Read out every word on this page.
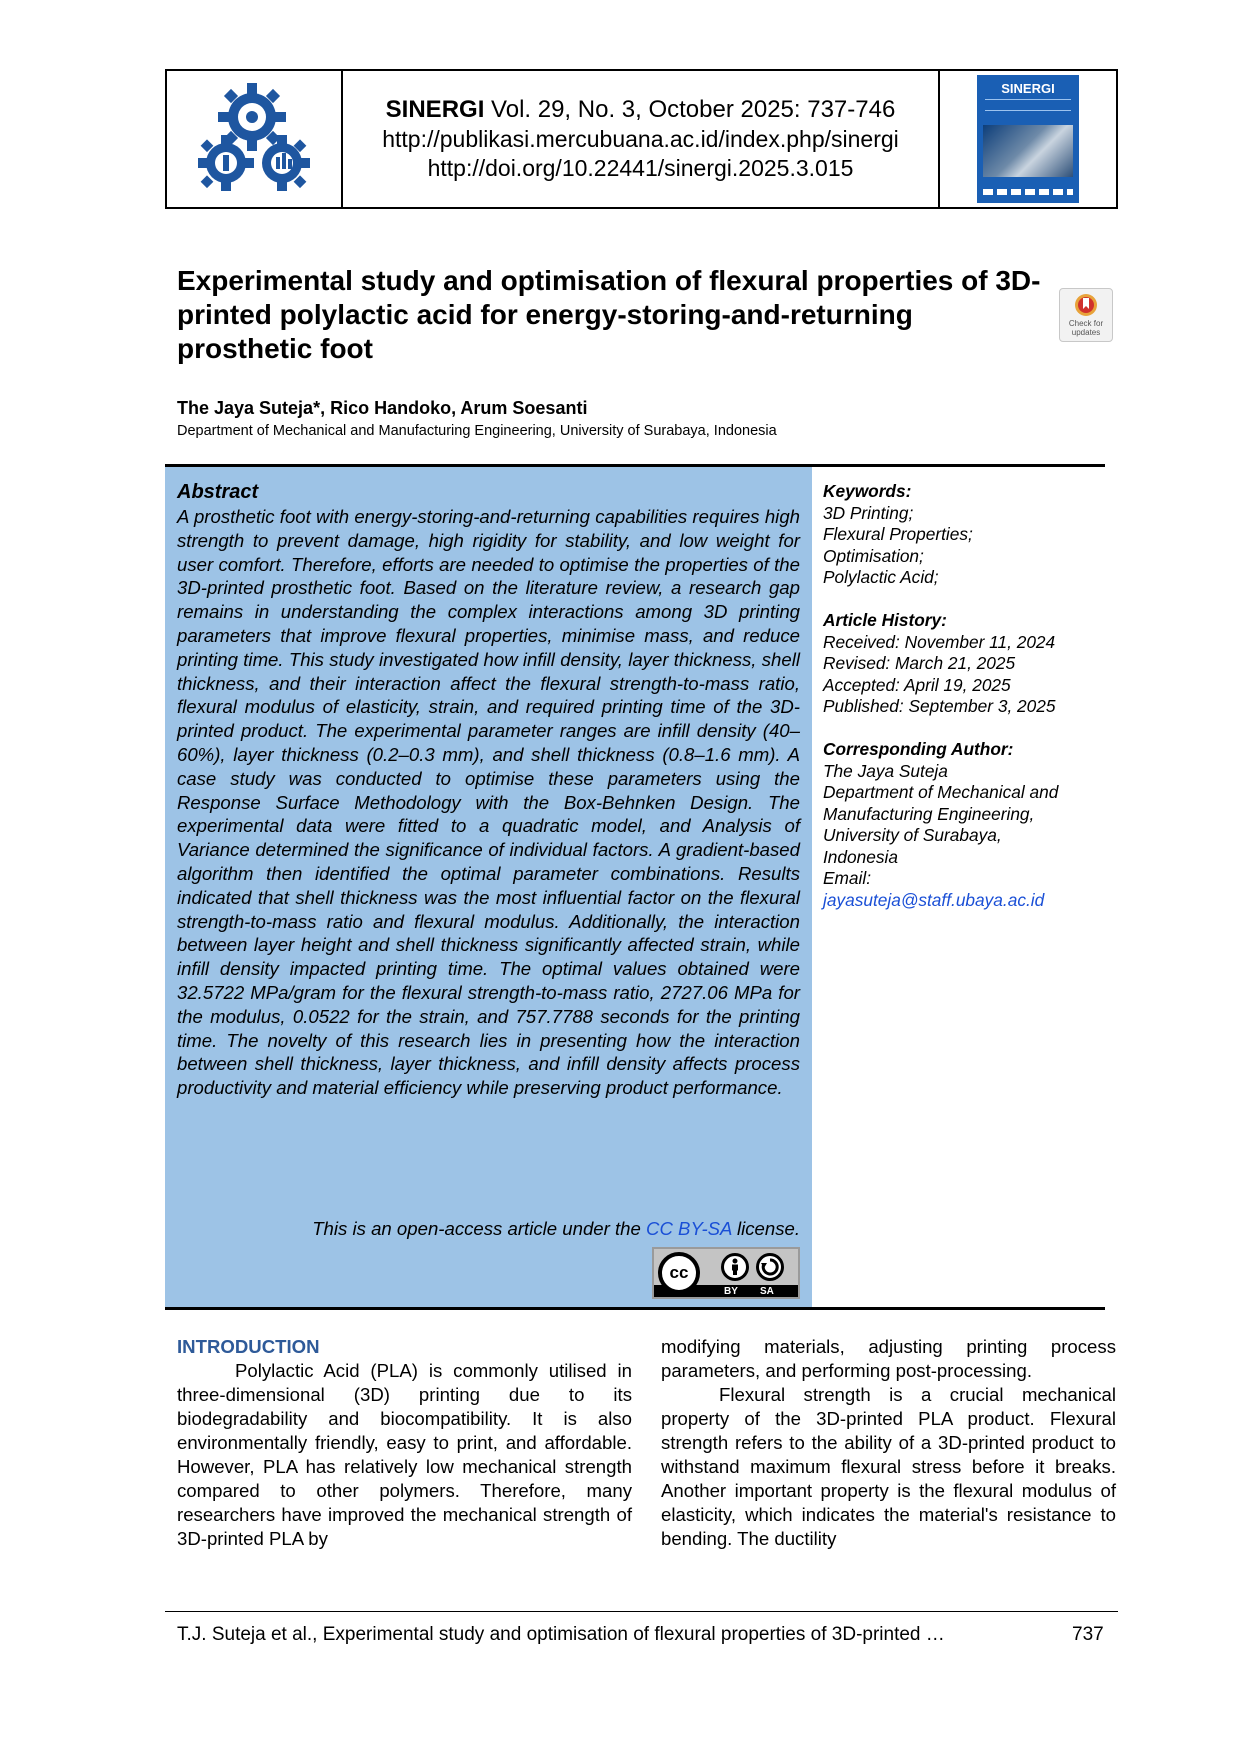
SINERGI Vol. 29, No. 3, October 2025: 737-746
http://publikasi.mercubuana.ac.id/index.php/sinergi
http://doi.org/10.22441/sinergi.2025.3.015
SINERGI
Experimental study and optimisation of flexural properties of 3D-printed polylactic acid for energy-storing-and-returning prosthetic foot
Check for updates
The Jaya Suteja*, Rico Handoko, Arum Soesanti
Department of Mechanical and Manufacturing Engineering, University of Surabaya, Indonesia
Abstract
A prosthetic foot with energy-storing-and-returning capabilities requires high strength to prevent damage, high rigidity for stability, and low weight for user comfort. Therefore, efforts are needed to optimise the properties of the 3D-printed prosthetic foot. Based on the literature review, a research gap remains in understanding the complex interactions among 3D printing parameters that improve flexural properties, minimise mass, and reduce printing time. This study investigated how infill density, layer thickness, shell thickness, and their interaction affect the flexural strength-to-mass ratio, flexural modulus of elasticity, strain, and required printing time of the 3D-printed product. The experimental parameter ranges are infill density (40–60%), layer thickness (0.2–0.3 mm), and shell thickness (0.8–1.6 mm). A case study was conducted to optimise these parameters using the Response Surface Methodology with the Box-Behnken Design. The experimental data were fitted to a quadratic model, and Analysis of Variance determined the significance of individual factors. A gradient-based algorithm then identified the optimal parameter combinations. Results indicated that shell thickness was the most influential factor on the flexural strength-to-mass ratio and flexural modulus. Additionally, the interaction between layer height and shell thickness significantly affected strain, while infill density impacted printing time. The optimal values obtained were 32.5722 MPa/gram for the flexural strength-to-mass ratio, 2727.06 MPa for the modulus, 0.0522 for the strain, and 757.7788 seconds for the printing time. The novelty of this research lies in presenting how the interaction between shell thickness, layer thickness, and infill density affects process productivity and material efficiency while preserving product performance.
This is an open-access article under the CC BY-SA license.
cc
BY SA
Keywords:
3D Printing;
Flexural Properties;
Optimisation;
Polylactic Acid;
Article History:
Received: November 11, 2024
Revised: March 21, 2025
Accepted: April 19, 2025
Published: September 3, 2025
Corresponding Author:
The Jaya Suteja
Department of Mechanical and
Manufacturing Engineering,
University of Surabaya,
Indonesia
Email:
jayasuteja@staff.ubaya.ac.id
INTRODUCTION

Polylactic Acid (PLA) is commonly utilised in three-dimensional (3D) printing due to its biodegradability and biocompatibility. It is also environmentally friendly, easy to print, and affordable. However, PLA has relatively low mechanical strength compared to other polymers. Therefore, many researchers have improved the mechanical strength of 3D-printed PLA by

modifying materials, adjusting printing process parameters, and performing post-processing.

Flexural strength is a crucial mechanical property of the 3D-printed PLA product. Flexural strength refers to the ability of a 3D-printed product to withstand maximum flexural stress before it breaks. Another important property is the flexural modulus of elasticity, which indicates the material's resistance to bending. The ductility

T.J. Suteja et al., Experimental study and optimisation of flexural properties of 3D-printed …	737
